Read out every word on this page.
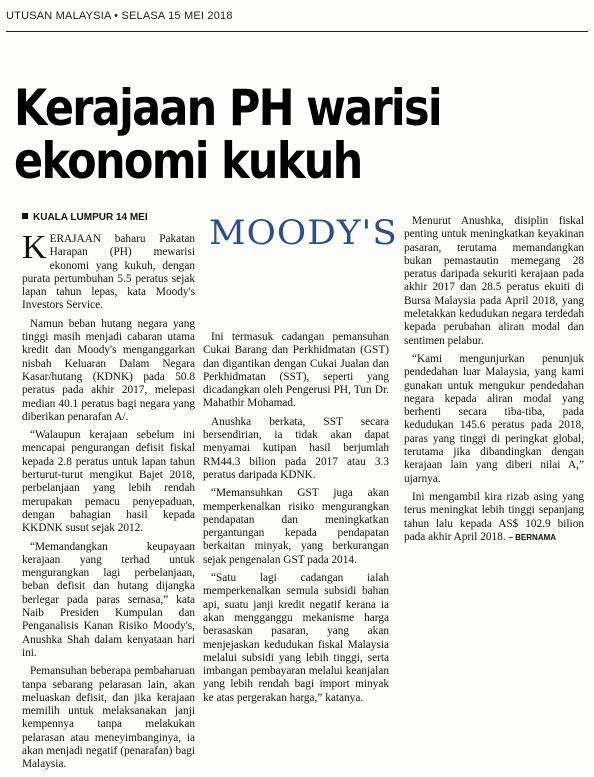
UTUSAN MALAYSIA • SELASA 15 MEI 2018
Kerajaan PH warisi ekonomi kukuh
KUALA LUMPUR 14 MEI MOODY'S

KERAJAAN baharu Pakatan Harapan (PH) mewarisi ekonomi yang kukuh, dengan purata pertumbuhan 5.5 peratus sejak lapan tahun lepas, kata Moody's Investors Service.

Namun beban hutang negara yang tinggi masih menjadi cabaran utama kredit dan Moody's menganggarkan nisbah Keluaran Dalam Negara Kasar/hutang (KDNK) pada 50.8 peratus pada akhir 2017, melepasi median 40.1 peratus bagi negara yang diberikan penarafan A/.

“Walaupun kerajaan sebelum ini mencapai pengurangan defisit fiskal kepada 2.8 peratus untuk lapan tahun berturut-turut mengikut Bajet 2018, perbelanjaan yang lebih rendah merupakan pemacu penyepaduan, dengan bahagian hasil kepada KKDNK susut sejak 2012.

“Memandangkan keupayaan kerajaan yang terhad untuk mengurangkan lagi perbelanjaan, beban defisit dan hutang dijangka berlegar pada paras semasa,” kata Naib Presiden Kumpulan dan Penganalisis Kanan Risiko Moody's, Anushka Shah dalam kenyataan hari ini.

Pemansuhan beberapa pembaharuan tanpa sebarang pelarasan lain, akan meluaskan defisit, dan jika kerajaan memilih untuk melaksanakan janji kempennya tanpa melakukan pelarasan atau meneyimbanginya, ia akan menjadi negatif (penarafan) bagi Malaysia.

Ini termasuk cadangan pemansuhan Cukai Barang dan Perkhidmatan (GST) dan digantikan dengan Cukai Jualan dan Perkhidmatan (SST), seperti yang dicadangkan oleh Pengerusi PH, Tun Dr. Mahathir Mohamad.

Anushka berkata, SST secara bersendirian, ia tidak akan dapat menyamai kutipan hasil berjumlah RM44.3 bilion pada 2017 atau 3.3 peratus daripada KDNK.

“Memansuhkan GST juga akan memperkenalkan risiko mengurangkan pendapatan dan meningkatkan pergantungan kepada pendapatan berkaitan minyak, yang berkurangan sejak pengenalan GST pada 2014.

“Satu lagi cadangan ialah memperkenalkan semula subsidi bahan api, suatu janji kredit negatif kerana ia akan mengganggu mekanisme harga berasaskan pasaran, yang akan menjejaskan kedudukan fiskal Malaysia melalui subsidi yang lebih tinggi, serta imbangan pembayaran melalui keanjalan yang lebih rendah bagi import minyak ke atas pergerakan harga,” katanya.

Menurut Anushka, disiplin fiskal penting untuk meningkatkan keyakinan pasaran, terutama memandangkan bukan pemastautin memegang 28 peratus daripada sekuriti kerajaan pada akhir 2017 dan 28.5 peratus ekuiti di Bursa Malaysia pada April 2018, yang meletakkan kedudukan negara terdedah kepada perubahan aliran modal dan sentimen pelabur.

“Kami mengunjurkan penunjuk pendedahan luar Malaysia, yang kami gunakan untuk mengukur pendedahan negara kepada aliran modal yang berhenti secara tiba-tiba, pada kedudukan 145.6 peratus pada 2018, paras yang tinggi di peringkat global, terutama jika dibandingkan dengan kerajaan lain yang diberi nilai A,” ujarnya.

Ini mengambil kira rizab asing yang terus meningkat lebih tinggi sepanjang tahun lalu kepada AS$ 102.9 bilion pada akhir April 2018. – BERNAMA
